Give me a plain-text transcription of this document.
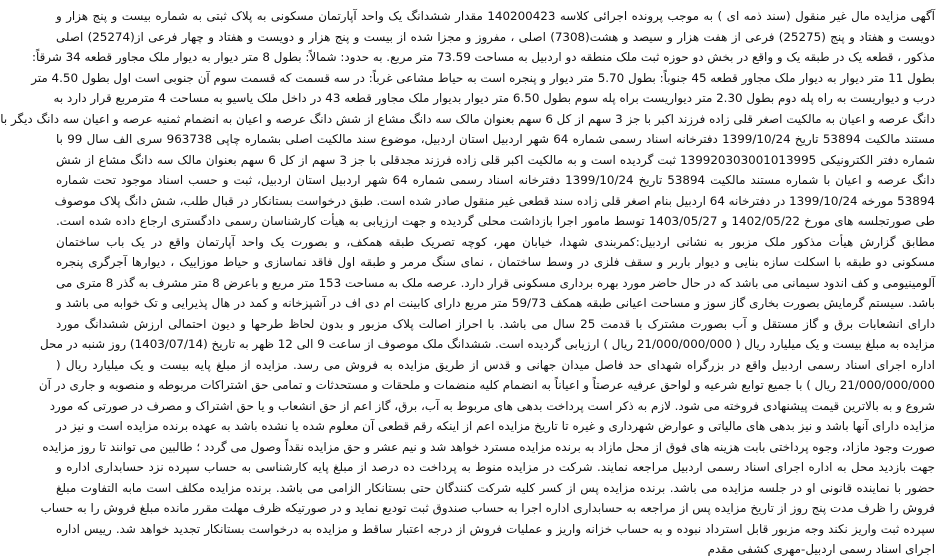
آگهی مزایده مال غیر منقول (سند ذمه ای ) به موجب پرونده اجرائی کلاسه 140200423 مقدار ششدانگ یک واحد آپارتمان مسکونی به پلاک ثبتی به شماره بیست و پنج هزار و
دویست و هفتاد و پنج (25275) فرعی از هفت هزار و سیصد و هشت(7308) اصلی ، مفروز و مجزا شده از بیست و پنج هزار و دویست و هفتاد و چهار فرعی از(25274) اصلی
مذکور ، قطعه یک در طبقه یک و واقع در بخش دو حوزه ثبت ملک منطقه دو اردبیل به مساحت 73.59 متر مربع. به حدود: شمالاً: بطول 8 متر دیوار به دیوار ملک مجاور قطعه 34 شرقاً:
بطول 11 متر دیوار به دیوار ملک مجاور قطعه 45 جنوباً: بطول 5.70 متر دیوار و پنجره است به حیاط مشاعی غرباً: در سه قسمت که قسمت سوم آن جنوبی است اول بطول 4.50 متر
درب و دیواریست به راه پله دوم بطول 2.30 متر دیواریست براه پله سوم بطول 6.50 متر دیوار بدیوار ملک مجاور قطعه 43 در داخل ملک یاسیو به مساحت 4 مترمربع قرار دارد به
دانگ عرصه و اعیان به مالکیت اصغر قلی زاده فرزند اکبر با جز 3 سهم از کل 6 سهم بعنوان مالک سه دانگ مشاع از شش دانگ عرصه و اعیان به انضمام ثمنیه عرصه و اعیان سه دانگ دیگر با
مستند مالکیت 53894 تاریخ 1399/10/24 دفترخانه اسناد رسمی شماره 64 شهر اردبیل استان اردبیل، موضوع سند مالکیت اصلی بشماره چاپی 963738 سری الف سال 99 با
شماره دفتر الکترونیکی 139920303001013995 ثبت گردیده است و به مالکیت اکبر قلی زاده فرزند مجدقلی با جز 3 سهم از کل 6 سهم بعنوان مالک سه دانگ مشاع از شش
دانگ عرصه و اعیان با شماره مستند مالکیت 53894 تاریخ 1399/10/24 دفترخانه اسناد رسمی شماره 64 شهر اردبیل استان اردبیل، ثبت و حسب اسناد موجود تحت شماره
53894 مورخه 1399/10/24 در دفترخانه 64 اردبیل بنام اصغر قلی زاده سند قطعی غیر منقول صادر شده است. طبق درخواست بستانکار در قبال طلب، شش دانگ پلاک موصوف
طی صورتجلسه های مورخ 1402/05/22 و 1403/05/27 توسط مامور اجرا بازداشت محلی گردیده و جهت ارزیابی به هیأت کارشناسان رسمی دادگستری ارجاع داده شده است.
مطابق گزارش هیأت مذکور ملک مزبور به نشانی اردبیل:کمربندی شهدا، خیابان مهر، کوچه تصریک طبقه همکف، و بصورت یک واحد آپارتمان واقع در یک باب ساختمان
مسکونی دو طبقه با اسکلت سازه بنایی و دیوار باربر و سقف فلزی در وسط ساختمان ، نمای سنگ مرمر و طبقه اول فاقد نماسازی و حیاط موزاییک ، دیوارها آجرگری پنجره
آلومینیومی و کف اندود سیمانی می باشد که در حال حاضر مورد بهره برداری مسکونی قرار دارد. عرصه ملک به مساحت 153 متر مربع و باعرض 8 متر مشرف به گذر 8 متری می
باشد. سیستم گرمایش بصورت بخاری گاز سوز و مساحت اعیانی طبقه همکف 59/73 متر مربع دارای کابینت ام دی اف در آشپزخانه و کمد در هال پذیرایی و تک خوابه می باشد و
دارای انشعابات برق و گاز مستقل و آب بصورت مشترک با قدمت 25 سال می باشد. با احراز اصالت پلاک مزبور و بدون لحاظ طرحها و دیون احتمالی ارزش ششدانگ مورد
مزایده به مبلغ بیست و یک میلیارد ریال ( 21/000/000/000 ریال ) ارزیابی گردیده است. ششدانگ ملک موصوف از ساعت 9 الی 12 ظهر به تاریخ (1403/07/14) روز شنبه در محل
اداره اجرای اسناد رسمی اردبیل واقع در بزرگراه شهدای حد فاصل میدان جهانی و قدس از طریق مزایده به فروش می رسد. مزایده از مبلغ پایه بیست و یک میلیارد ریال (
21/000/000/000 ریال ) با جمیع توابع شرعیه و لواحق عرفیه عرصتاً و اعیاناً به انضمام کلیه منضمات و ملحقات و مستحدثات و تمامی حق اشتراکات مربوطه و منصوبه و جاری در آن
شروع و به بالاترین قیمت پیشنهادی فروخته می شود. لازم به ذکر است پرداخت بدهی های مربوط به آب، برق، گاز اعم از حق انشعاب و یا حق اشتراک و مصرف در صورتی که مورد
مزایده دارای آنها باشد و نیز بدهی های مالیاتی و عوارض شهرداری و غیره تا تاریخ مزایده اعم از اینکه رقم قطعی آن معلوم شده یا نشده باشد به عهده برنده مزایده است و نیز در
صورت وجود مازاد، وجوه پرداختی بابت هزینه های فوق از محل مازاد به برنده مزایده مسترد خواهد شد و نیم عشر و حق مزایده نقداً وصول می گردد ؛ طالبین می توانند تا روز مزایده
جهت بازدید محل به اداره اجرای اسناد رسمی اردبیل مراجعه نمایند. شرکت در مزایده منوط به پرداخت ده درصد از مبلغ پایه کارشناسی به حساب سپرده نزد حسابداری اداره و
حضور با نماینده قانونی او در جلسه مزایده می باشد. برنده مزایده پس از کسر کلیه شرکت کنندگان حتی بستانکار الزامی می باشد. برنده مزایده مکلف است مابه التفاوت مبلغ
فروش را ظرف مدت پنج روز از تاریخ مزایده پس از مراجعه به حسابداری اداره اجرا به حساب صندوق ثبت تودیع نماید و در صورتیکه ظرف مهلت مقرر مانده مبلغ فروش را به حساب
سپرده ثبت واریز نکند وجه مزبور قابل استرداد نبوده و به حساب خزانه واریز و عملیات فروش از درجه اعتبار ساقط و مزایده به درخواست بستانکار تجدید خواهد شد. رییس اداره
اجرای اسناد رسمی اردبیل-مهری کشفی مقدم
